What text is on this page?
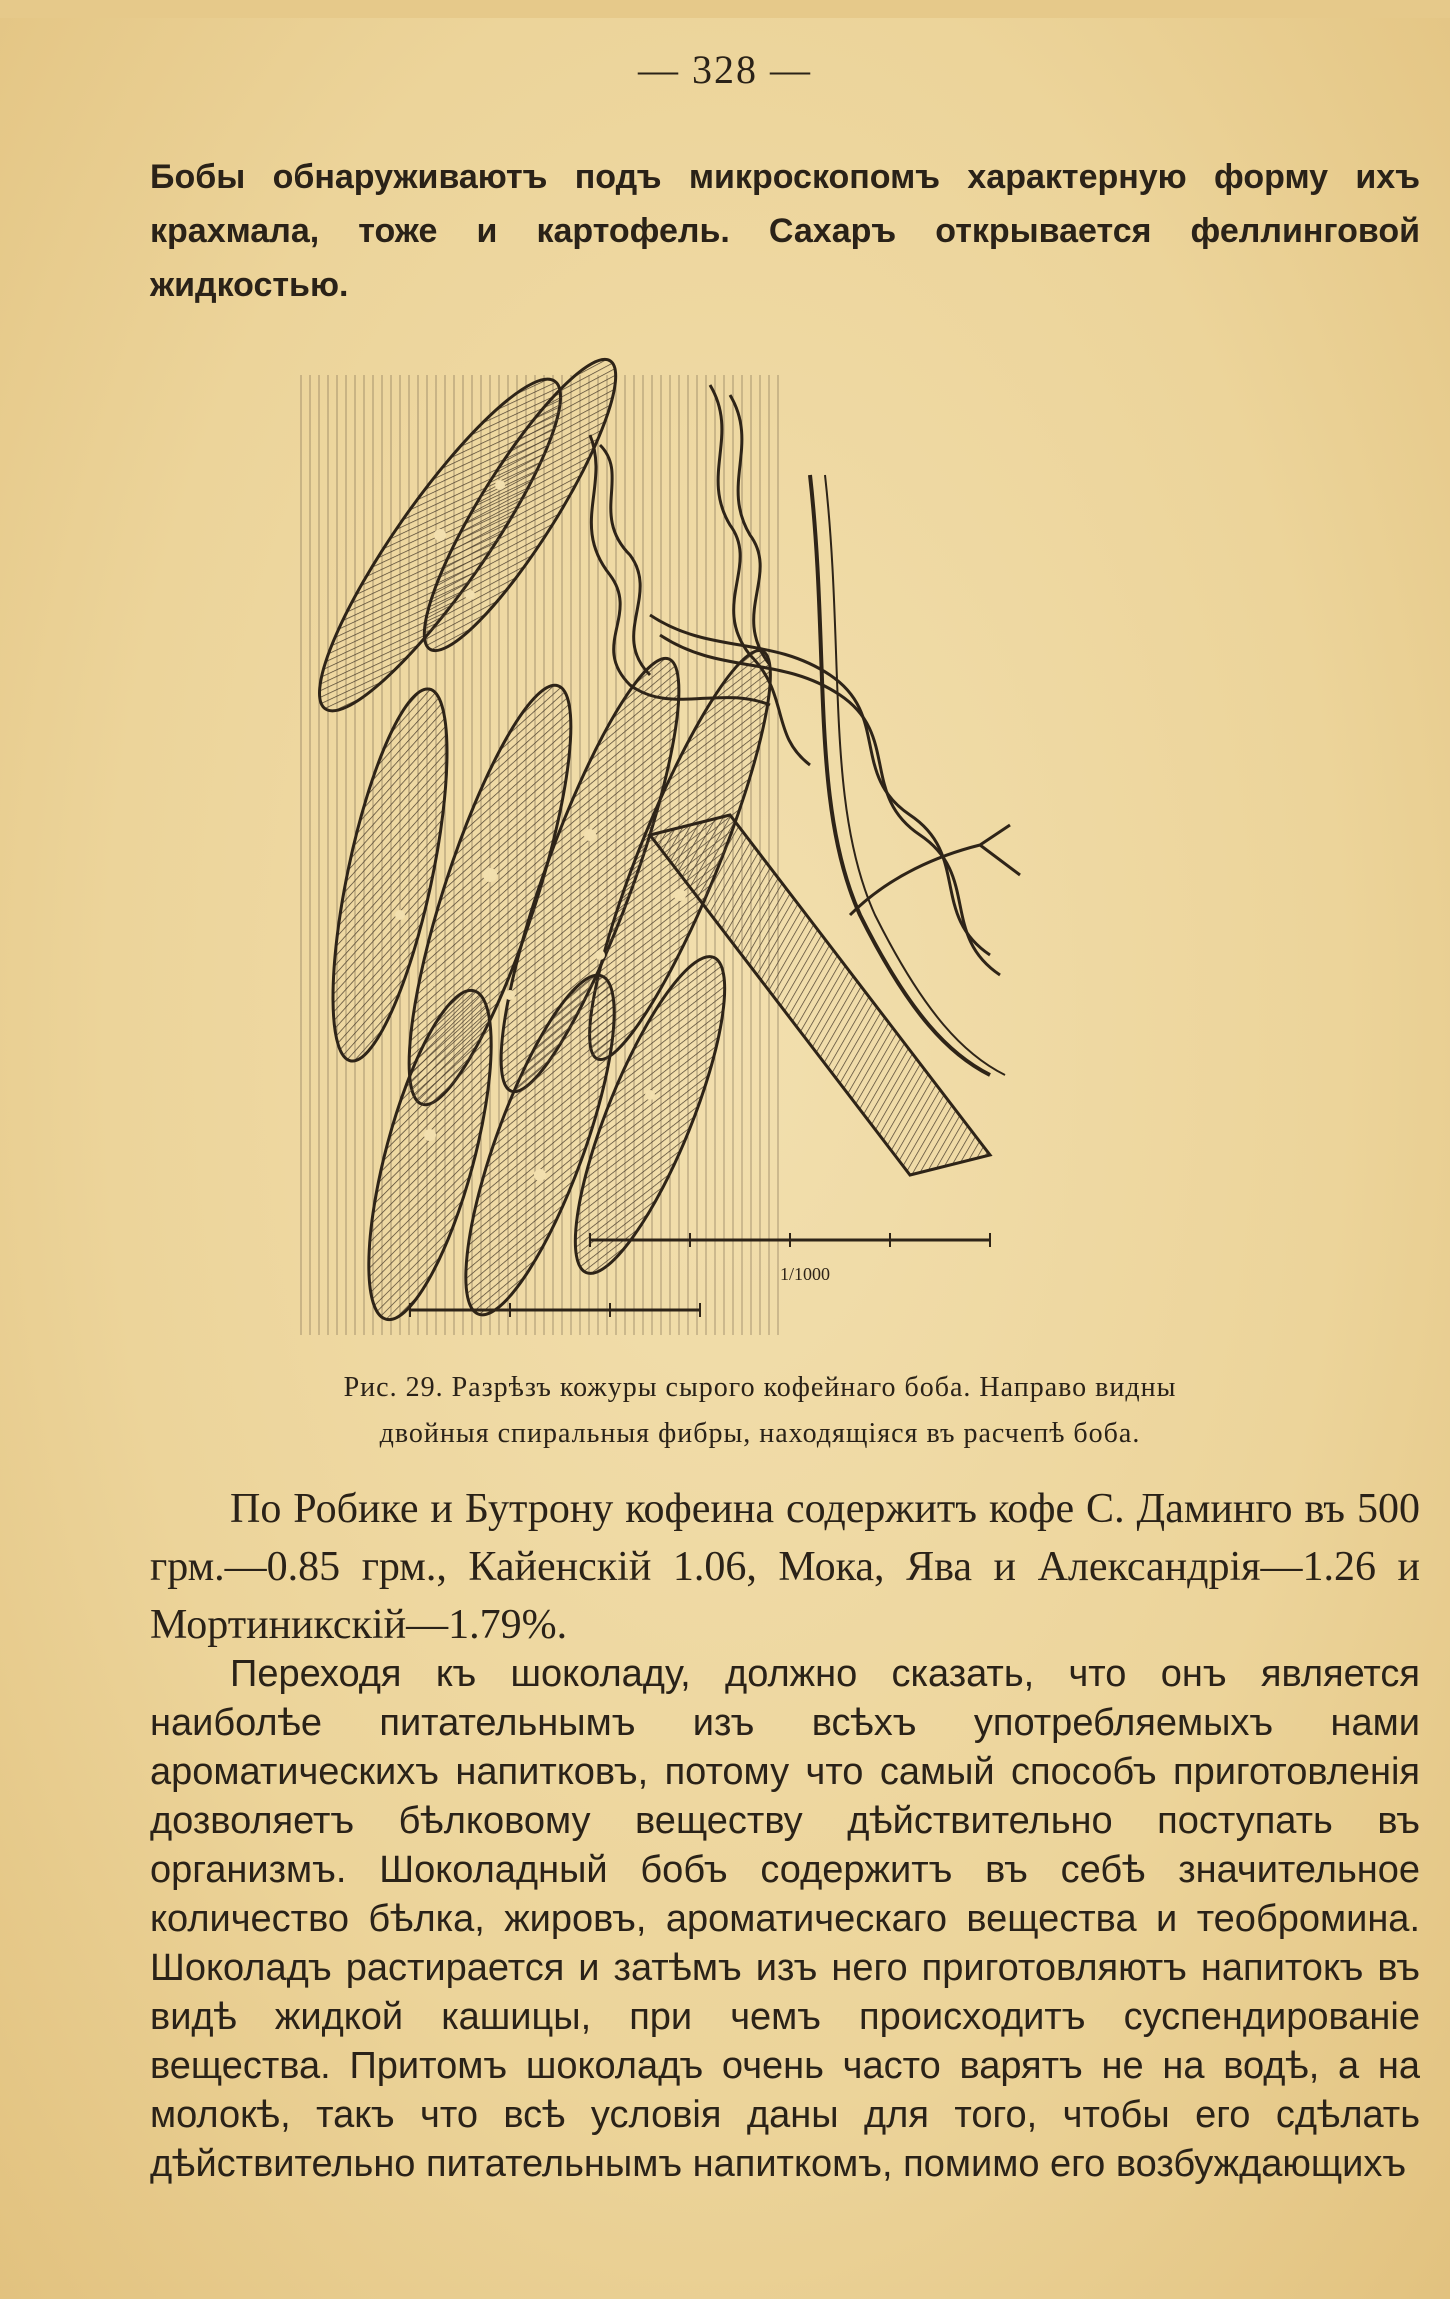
— 328 —
Бобы обнаруживаютъ подъ микроскопомъ характерную форму ихъ крахмала, тоже и картофель. Сахаръ открывается феллинговой жидкостью.
1/1000
Рис. 29. Разрѣзъ кожуры сырого кофейнаго боба. Направо видны
двойныя спиральныя фибры, находящіяся въ расчепѣ боба.
По Робике и Бутрону кофеина содержитъ кофе С. Даминго въ 500 грм.—0.85 грм., Кайенскій 1.06, Мока, Ява и Александрія—1.26 и Мортиникскій—1.79%.
Переходя къ шоколаду, должно сказать, что онъ является наиболѣе питательнымъ изъ всѣхъ употребляемыхъ нами ароматическихъ напитковъ, потому что самый способъ приготовленія дозволяетъ бѣлковому веществу дѣйствительно поступать въ организмъ. Шоколадный бобъ содержитъ въ себѣ значительное количество бѣлка, жировъ, ароматическаго вещества и теобромина. Шоколадъ растирается и затѣмъ изъ него приготовляютъ напитокъ въ видѣ жидкой кашицы, при чемъ происходитъ суспендированіе вещества. Притомъ шоколадъ очень часто варятъ не на водѣ, а на молокѣ, такъ что всѣ условія даны для того, чтобы его сдѣлать дѣйствительно питательнымъ напиткомъ, помимо его возбуждающихъ
